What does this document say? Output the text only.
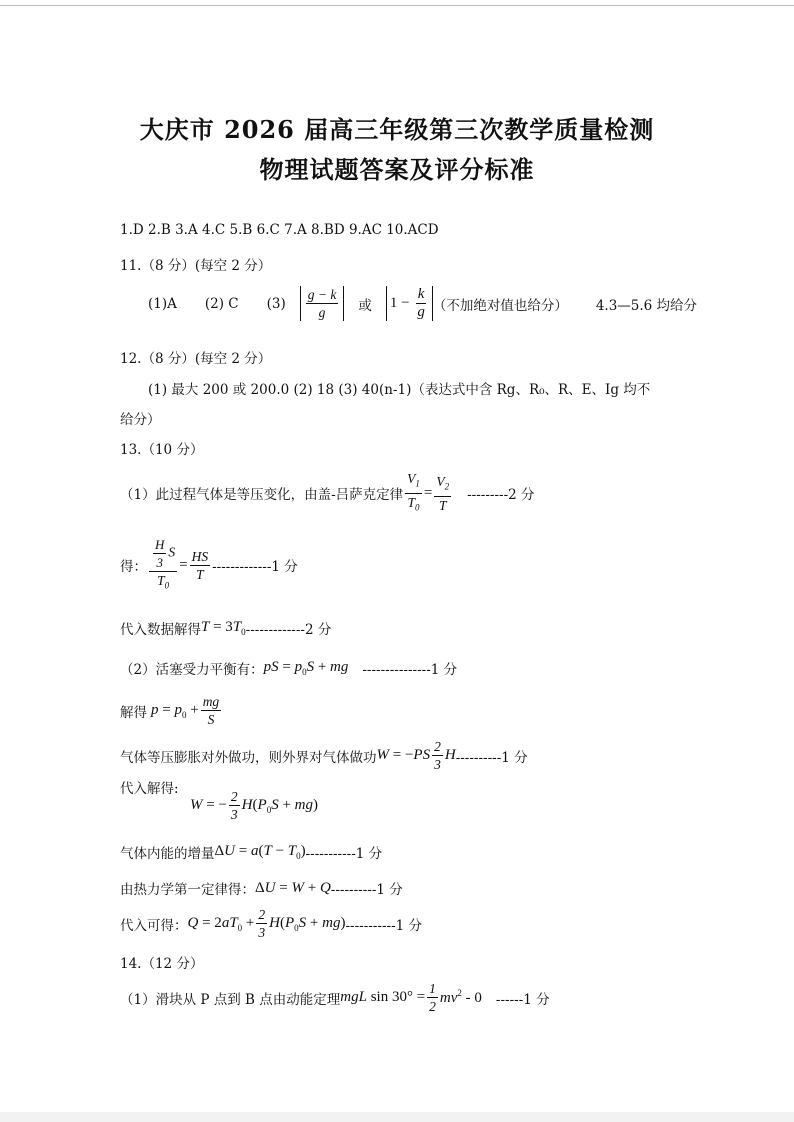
大庆市 2026 届高三年级第三次教学质量检测
物理试题答案及评分标准
1.D 2.B 3.A 4.C 5.B 6.C 7.A 8.BD 9.AC 10.ACD
11.（8 分）(每空 2 分）
(1)A (2) C $(3) \frac{g - k}{g}$ 或 $1 - \frac{k}{g}$ （不加绝对值也给分） 4.3—5.6 均给分
12.（8 分）(每空 2 分）
(1) 最大 200 或 200.0 (2) 18 (3) 40(n-1)（表达式中含 Rg、R₀、R、E、Ig 均不
给分）
13.（10 分）
（1）此过程气体是等压变化，由盖-吕萨克定律 $\frac{V_1}{T_0} = \frac{V_2}{T} ---------2$ 分
得： $\frac{\frac{H}{3} S}{T_0} = \frac{HS}{T} -------------1$ 分
代入数据解得 $T = 3T_0$ -------------2 分
（2）活塞受力平衡有： pS = $p_0S$ + mg ---------------1 分
解得 $p = p_0 + \frac{mg}{S}$
气体等压膨胀对外做功，则外界对气体做功 $W = -PS \frac{2}{3}$ H ----------1 分
代入解得:
W = − $\frac{2}{3} H(P_0S + mg)$
气体内能的增量 $\Delta U = a(T - T_0)$ -----------1 分
由热力学第一定律得： ΔU = W + Q ----------1 分
代入可得： $Q = 2aT_0 + \frac{2}{3} H(P_0S + mg)$ -----------1 分
14.（12 分）
（1）滑块从 P 点到 B 点由动能定理 mgL $\sin 30^\circ = \frac{1}{2} mv^2 - 0$ ------1 分
